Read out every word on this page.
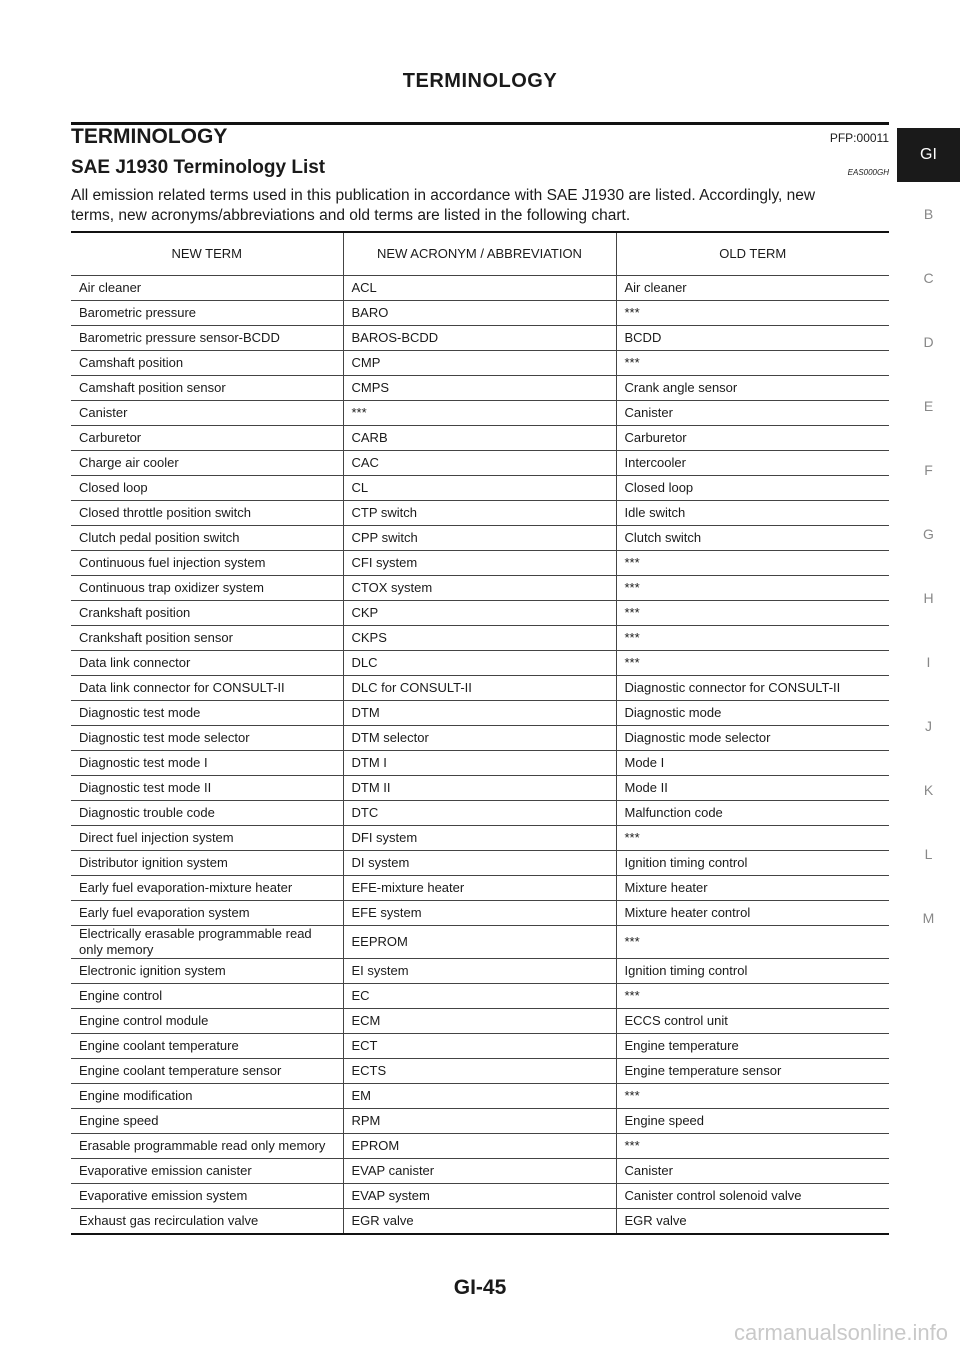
TERMINOLOGY
TERMINOLOGY	PFP:00011
SAE J1930 Terminology List	EAS000GH
All emission related terms used in this publication in accordance with SAE J1930 are listed. Accordingly, new
terms, new acronyms/abbreviations and old terms are listed in the following chart.
NEW TERM	NEW ACRONYM / ABBREVIATION	OLD TERM
Air cleaner	ACL	Air cleaner
Barometric pressure	BARO	***
Barometric pressure sensor-BCDD	BAROS-BCDD	BCDD
Camshaft position	CMP	***
Camshaft position sensor	CMPS	Crank angle sensor
Canister	***	Canister
Carburetor	CARB	Carburetor
Charge air cooler	CAC	Intercooler
Closed loop	CL	Closed loop
Closed throttle position switch	CTP switch	Idle switch
Clutch pedal position switch	CPP switch	Clutch switch
Continuous fuel injection system	CFI system	***
Continuous trap oxidizer system	CTOX system	***
Crankshaft position	CKP	***
Crankshaft position sensor	CKPS	***
Data link connector	DLC	***
Data link connector for CONSULT-II	DLC for CONSULT-II	Diagnostic connector for CONSULT-II
Diagnostic test mode	DTM	Diagnostic mode
Diagnostic test mode selector	DTM selector	Diagnostic mode selector
Diagnostic test mode I	DTM I	Mode I
Diagnostic test mode II	DTM II	Mode II
Diagnostic trouble code	DTC	Malfunction code
Direct fuel injection system	DFI system	***
Distributor ignition system	DI system	Ignition timing control
Early fuel evaporation-mixture heater	EFE-mixture heater	Mixture heater
Early fuel evaporation system	EFE system	Mixture heater control
Electrically erasable programmable read only memory	EEPROM	***
Electronic ignition system	EI system	Ignition timing control
Engine control	EC	***
Engine control module	ECM	ECCS control unit
Engine coolant temperature	ECT	Engine temperature
Engine coolant temperature sensor	ECTS	Engine temperature sensor
Engine modification	EM	***
Engine speed	RPM	Engine speed
Erasable programmable read only memory	EPROM	***
Evaporative emission canister	EVAP canister	Canister
Evaporative emission system	EVAP system	Canister control solenoid valve
Exhaust gas recirculation valve	EGR valve	EGR valve
GI
B
C
D
E
F
G
H
I
J
K
L
M
GI-45
carmanualsonline.info
